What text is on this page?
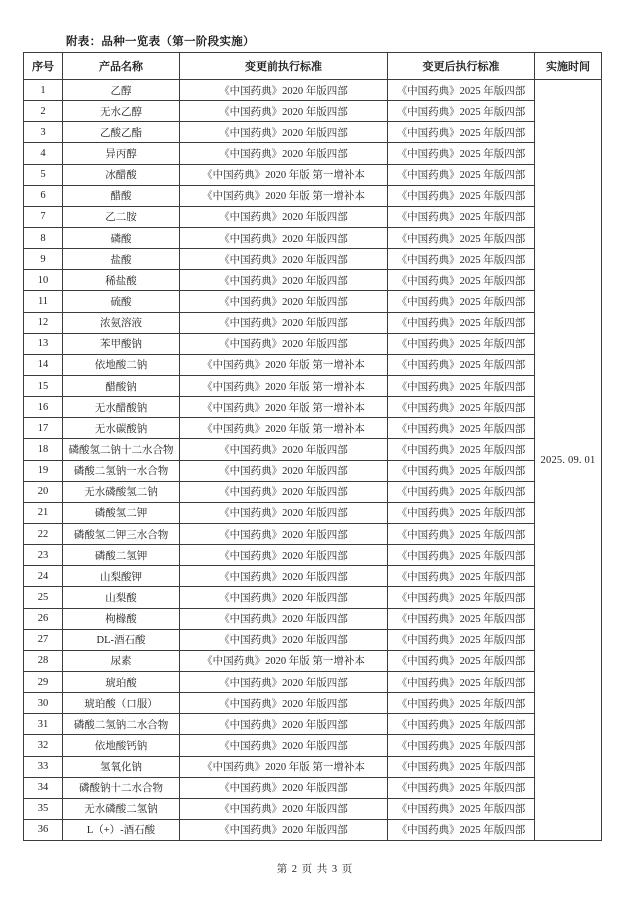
附表：品种一览表（第一阶段实施）
序号	产品名称	变更前执行标准	变更后执行标准	实施时间
1	乙醇	《中国药典》2020 年版四部	《中国药典》2025 年版四部	2025. 09. 01
2	无水乙醇	《中国药典》2020 年版四部	《中国药典》2025 年版四部	
3	乙酸乙酯	《中国药典》2020 年版四部	《中国药典》2025 年版四部	
4	异丙醇	《中国药典》2020 年版四部	《中国药典》2025 年版四部	
5	冰醋酸	《中国药典》2020 年版 第一增补本	《中国药典》2025 年版四部	
6	醋酸	《中国药典》2020 年版 第一增补本	《中国药典》2025 年版四部	
7	乙二胺	《中国药典》2020 年版四部	《中国药典》2025 年版四部	
8	磷酸	《中国药典》2020 年版四部	《中国药典》2025 年版四部	
9	盐酸	《中国药典》2020 年版四部	《中国药典》2025 年版四部	
10	稀盐酸	《中国药典》2020 年版四部	《中国药典》2025 年版四部	
11	硫酸	《中国药典》2020 年版四部	《中国药典》2025 年版四部	
12	浓氨溶液	《中国药典》2020 年版四部	《中国药典》2025 年版四部	
13	苯甲酸钠	《中国药典》2020 年版四部	《中国药典》2025 年版四部	
14	依地酸二钠	《中国药典》2020 年版 第一增补本	《中国药典》2025 年版四部	
15	醋酸钠	《中国药典》2020 年版 第一增补本	《中国药典》2025 年版四部	
16	无水醋酸钠	《中国药典》2020 年版 第一增补本	《中国药典》2025 年版四部	
17	无水碳酸钠	《中国药典》2020 年版 第一增补本	《中国药典》2025 年版四部	
18	磷酸氢二钠十二水合物	《中国药典》2020 年版四部	《中国药典》2025 年版四部	
19	磷酸二氢钠一水合物	《中国药典》2020 年版四部	《中国药典》2025 年版四部	
20	无水磷酸氢二钠	《中国药典》2020 年版四部	《中国药典》2025 年版四部	
21	磷酸氢二钾	《中国药典》2020 年版四部	《中国药典》2025 年版四部	
22	磷酸氢二钾三水合物	《中国药典》2020 年版四部	《中国药典》2025 年版四部	
23	磷酸二氢钾	《中国药典》2020 年版四部	《中国药典》2025 年版四部	
24	山梨酸钾	《中国药典》2020 年版四部	《中国药典》2025 年版四部	
25	山梨酸	《中国药典》2020 年版四部	《中国药典》2025 年版四部	
26	枸橼酸	《中国药典》2020 年版四部	《中国药典》2025 年版四部	
27	DL-酒石酸	《中国药典》2020 年版四部	《中国药典》2025 年版四部	
28	尿素	《中国药典》2020 年版 第一增补本	《中国药典》2025 年版四部	
29	琥珀酸	《中国药典》2020 年版四部	《中国药典》2025 年版四部	
30	琥珀酸（口服）	《中国药典》2020 年版四部	《中国药典》2025 年版四部	
31	磷酸二氢钠二水合物	《中国药典》2020 年版四部	《中国药典》2025 年版四部	
32	依地酸钙钠	《中国药典》2020 年版四部	《中国药典》2025 年版四部	
33	氢氧化钠	《中国药典》2020 年版 第一增补本	《中国药典》2025 年版四部	
34	磷酸钠十二水合物	《中国药典》2020 年版四部	《中国药典》2025 年版四部	
35	无水磷酸二氢钠	《中国药典》2020 年版四部	《中国药典》2025 年版四部	
36	L（+）-酒石酸	《中国药典》2020 年版四部	《中国药典》2025 年版四部	
第 2 页 共 3 页
